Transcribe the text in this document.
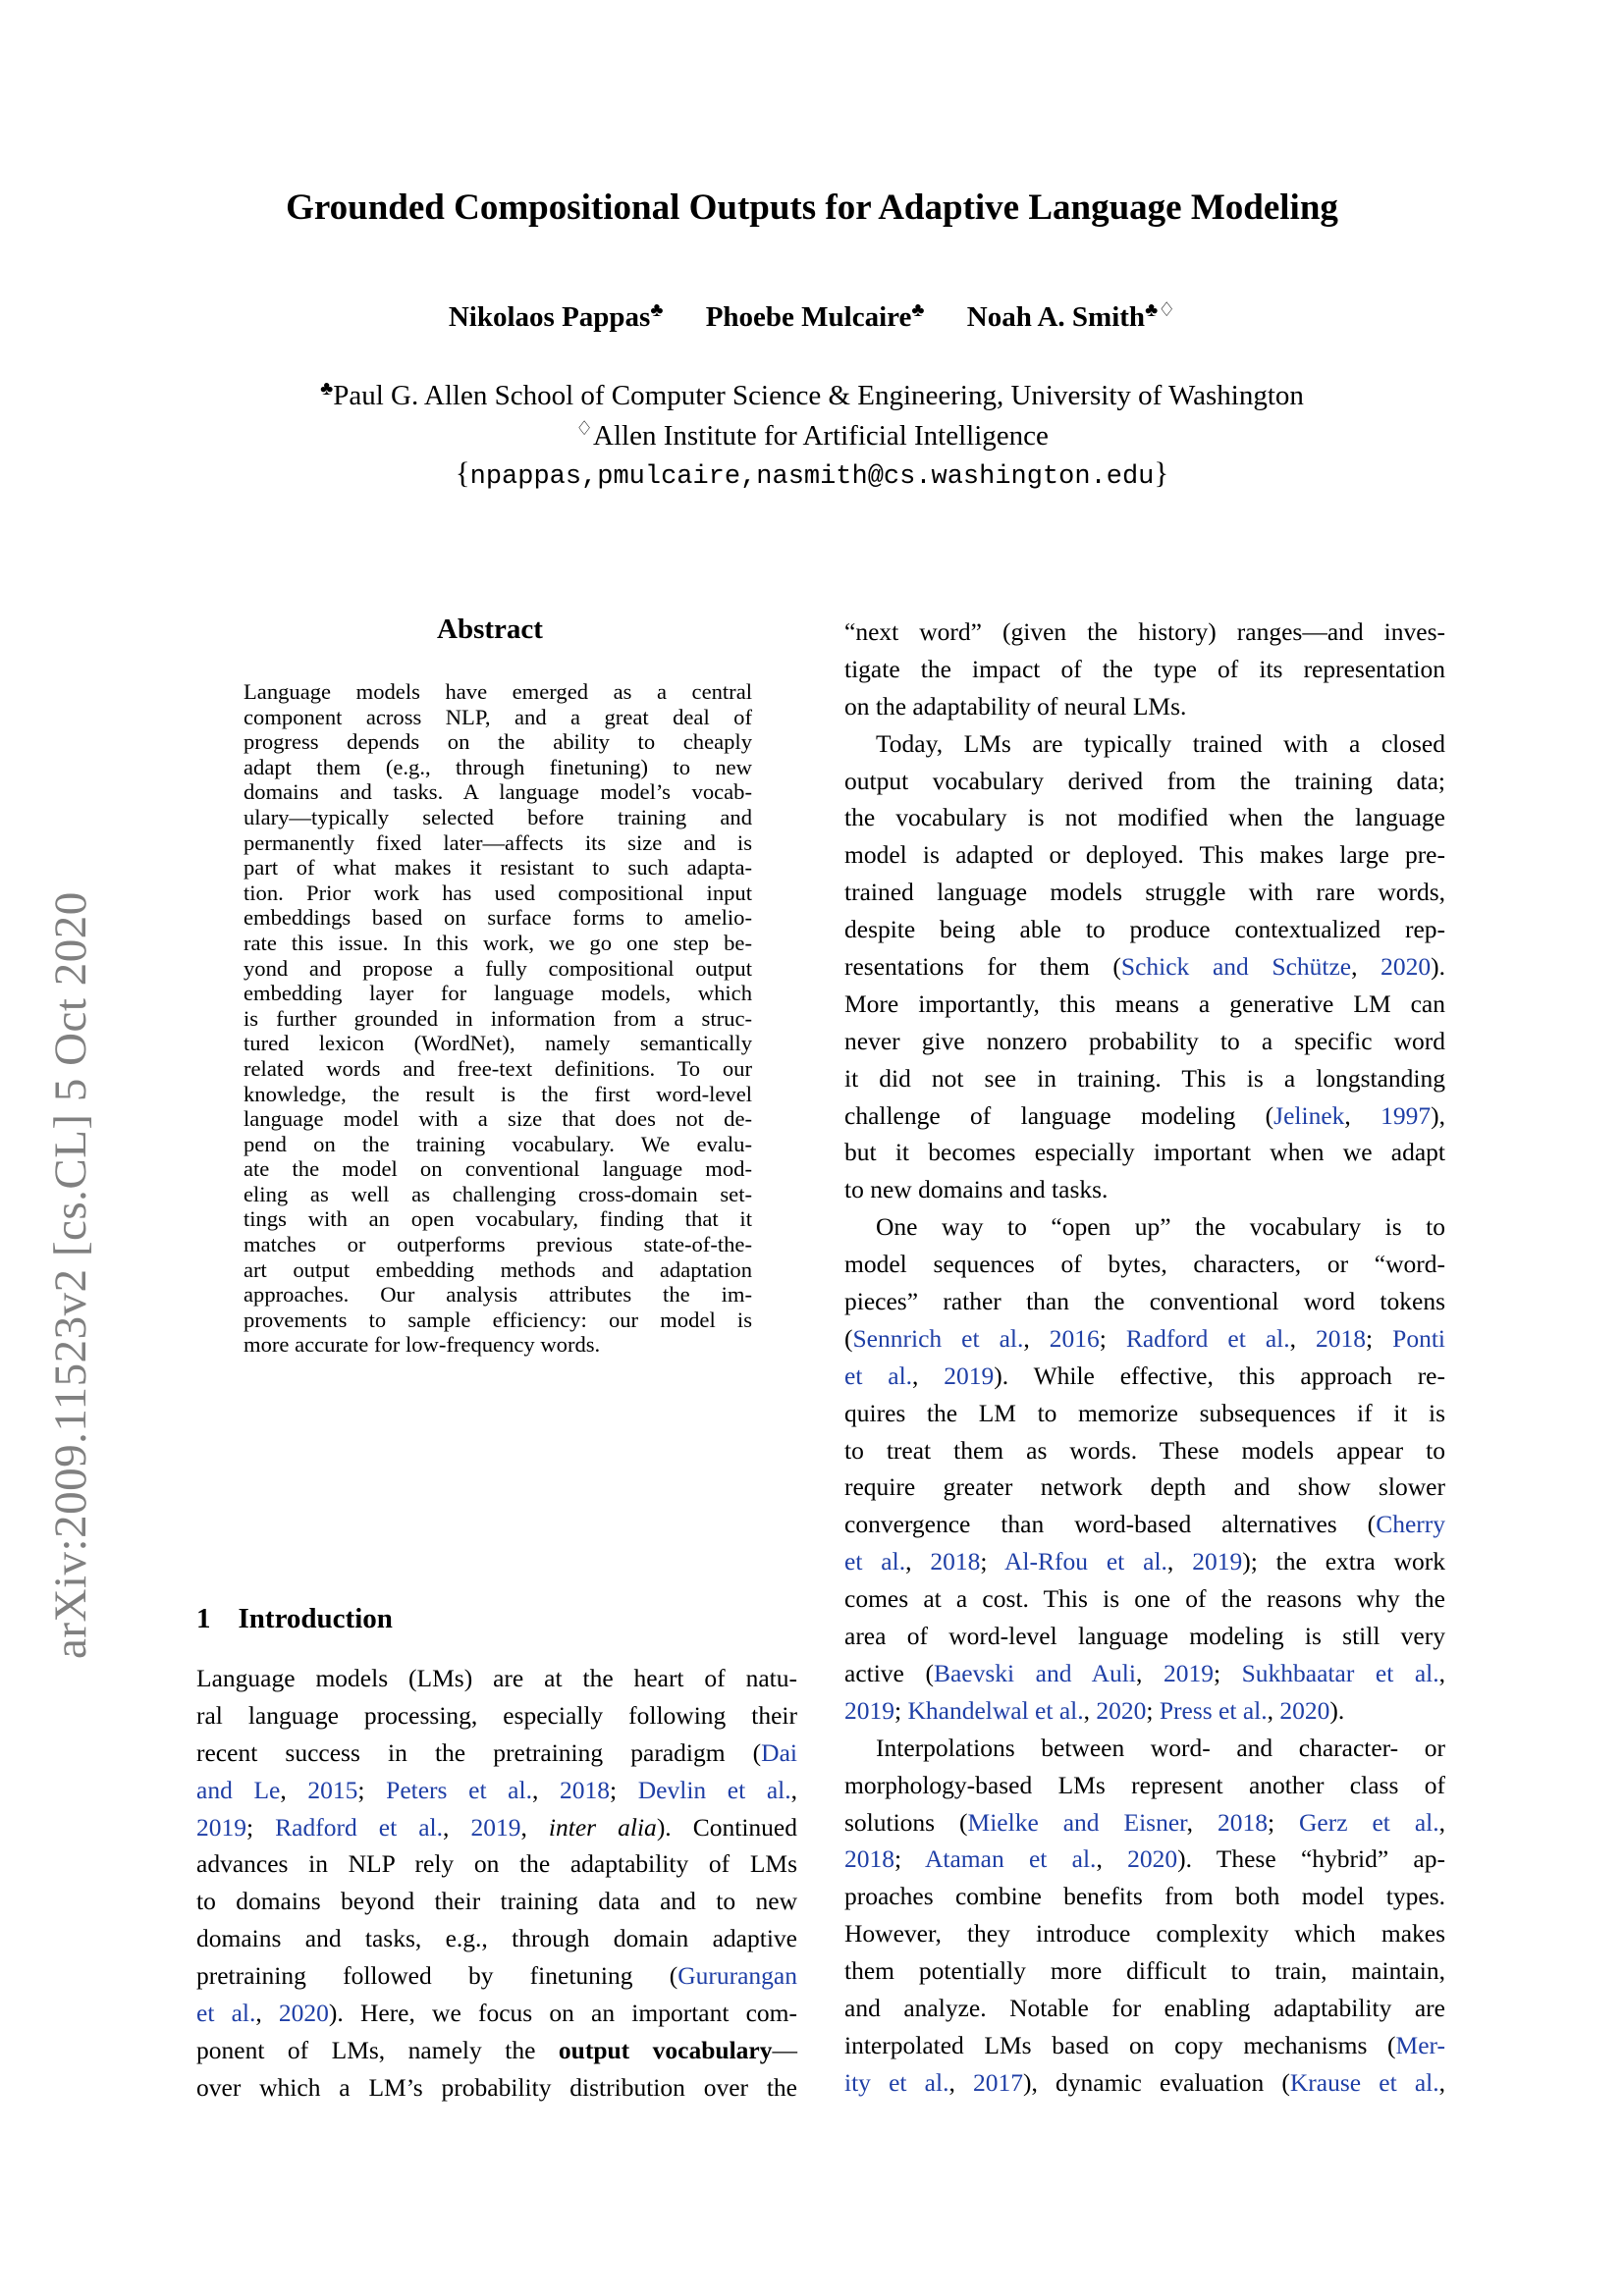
arXiv:2009.11523v2 [cs.CL] 5 Oct 2020
Grounded Compositional Outputs for Adaptive Language Modeling
Nikolaos Pappas♣ Phoebe Mulcaire♣ Noah A. Smith♣♢
♣Paul G. Allen School of Computer Science & Engineering, University of Washington
♢Allen Institute for Artificial Intelligence
{npappas,pmulcaire,nasmith@cs.washington.edu}
Abstract
Language models have emerged as a central
component across NLP, and a great deal of
progress depends on the ability to cheaply
adapt them (e.g., through finetuning) to new
domains and tasks. A language model’s vocab-
ulary—typically selected before training and
permanently fixed later—affects its size and is
part of what makes it resistant to such adapta-
tion. Prior work has used compositional input
embeddings based on surface forms to amelio-
rate this issue. In this work, we go one step be-
yond and propose a fully compositional output
embedding layer for language models, which
is further grounded in information from a struc-
tured lexicon (WordNet), namely semantically
related words and free-text definitions. To our
knowledge, the result is the first word-level
language model with a size that does not de-
pend on the training vocabulary. We evalu-
ate the model on conventional language mod-
eling as well as challenging cross-domain set-
tings with an open vocabulary, finding that it
matches or outperforms previous state-of-the-
art output embedding methods and adaptation
approaches. Our analysis attributes the im-
provements to sample efficiency: our model is
more accurate for low-frequency words.
1 Introduction
Language models (LMs) are at the heart of natu-
ral language processing, especially following their
recent success in the pretraining paradigm (Dai
and Le, 2015; Peters et al., 2018; Devlin et al.,
2019; Radford et al., 2019, inter alia). Continued
advances in NLP rely on the adaptability of LMs
to domains beyond their training data and to new
domains and tasks, e.g., through domain adaptive
pretraining followed by finetuning (Gururangan
et al., 2020). Here, we focus on an important com-
ponent of LMs, namely the output vocabulary—
over which a LM’s probability distribution over the
“next word” (given the history) ranges—and inves-
tigate the impact of the type of its representation
on the adaptability of neural LMs.
Today, LMs are typically trained with a closed
output vocabulary derived from the training data;
the vocabulary is not modified when the language
model is adapted or deployed. This makes large pre-
trained language models struggle with rare words,
despite being able to produce contextualized rep-
resentations for them (Schick and Schütze, 2020).
More importantly, this means a generative LM can
never give nonzero probability to a specific word
it did not see in training. This is a longstanding
challenge of language modeling (Jelinek, 1997),
but it becomes especially important when we adapt
to new domains and tasks.
One way to “open up” the vocabulary is to
model sequences of bytes, characters, or “word-
pieces” rather than the conventional word tokens
(Sennrich et al., 2016; Radford et al., 2018; Ponti
et al., 2019). While effective, this approach re-
quires the LM to memorize subsequences if it is
to treat them as words. These models appear to
require greater network depth and show slower
convergence than word-based alternatives (Cherry
et al., 2018; Al-Rfou et al., 2019); the extra work
comes at a cost. This is one of the reasons why the
area of word-level language modeling is still very
active (Baevski and Auli, 2019; Sukhbaatar et al.,
2019; Khandelwal et al., 2020; Press et al., 2020).
Interpolations between word- and character- or
morphology-based LMs represent another class of
solutions (Mielke and Eisner, 2018; Gerz et al.,
2018; Ataman et al., 2020). These “hybrid” ap-
proaches combine benefits from both model types.
However, they introduce complexity which makes
them potentially more difficult to train, maintain,
and analyze. Notable for enabling adaptability are
interpolated LMs based on copy mechanisms (Mer-
ity et al., 2017), dynamic evaluation (Krause et al.,
